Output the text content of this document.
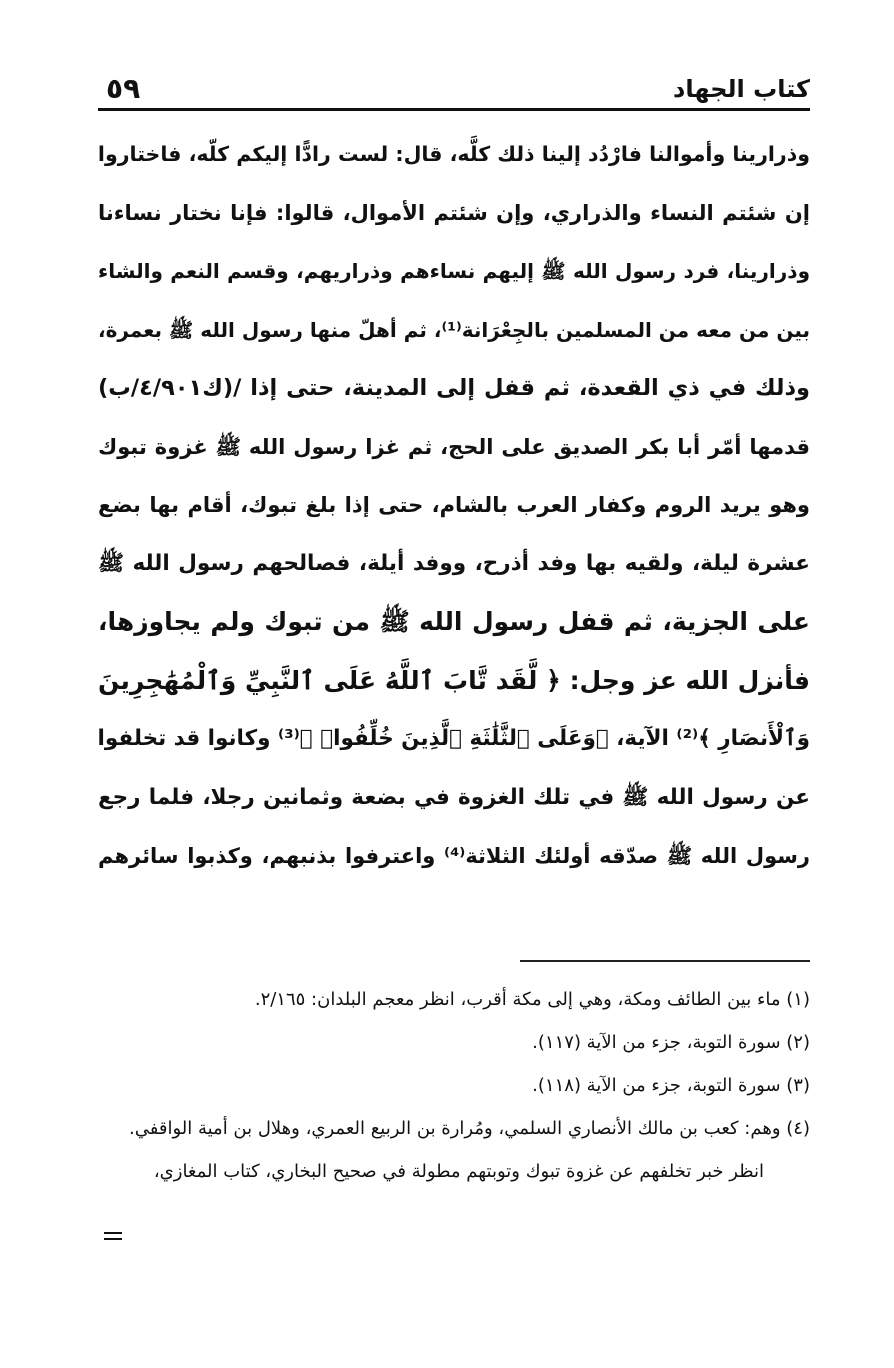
٥٩	كتاب الجهاد
وذرارينا وأموالنا فارْدُد إلينا ذلك كلَّه، قال: لست رادًّا إليكم كلّه، فاختاروا
إن شئتم النساء والذراري، وإن شئتم الأموال، قالوا: فإنا نختار نساءنا
وذرارينا، فرد رسول الله ﷺ إليهم نساءهم وذراريهم، وقسم النعم والشاء
بين من معه من المسلمين بالجِعْرَانة⁽¹⁾، ثم أهلّ منها رسول الله ﷺ بعمرة،
وذلك في ذي القعدة، ثم قفل إلى المدينة، حتى إذا /(ك٤/٩٠١/ب)
قدمها أمّر أبا بكر الصديق على الحج، ثم غزا رسول الله ﷺ غزوة تبوك
وهو يريد الروم وكفار العرب بالشام، حتى إذا بلغ تبوك، أقام بها بضع
عشرة ليلة، ولقيه بها وفد أذرح، ووفد أيلة، فصالحهم رسول الله ﷺ
على الجزية، ثم قفل رسول الله ﷺ من تبوك ولم يجاوزها،
فأنزل الله عز وجل: ﴿ لَّقَد تَّابَ ٱللَّهُ عَلَى ٱلنَّبِيِّ وَٱلْمُهَٰجِرِينَ
وَٱلْأَنصَارِ ﴾⁽²⁾ الآية، ﴿وَعَلَى ٱلثَّلَٰثَةِ ٱلَّذِينَ خُلِّفُوا۟ ﴾⁽³⁾ وكانوا قد تخلفوا
عن رسول الله ﷺ في تلك الغزوة في بضعة وثمانين رجلا، فلما رجع
رسول الله ﷺ صدّقه أولئك الثلاثة⁽⁴⁾ واعترفوا بذنبهم، وكذبوا سائرهم
(١) ماء بين الطائف ومكة، وهي إلى مكة أقرب، انظر معجم البلدان: ٢/١٦٥.
(٢) سورة التوبة، جزء من الآية (١١٧).
(٣) سورة التوبة، جزء من الآية (١١٨).
(٤) وهم: كعب بن مالك الأنصاري السلمي، ومُرارة بن الربيع العمري، وهلال بن أمية الواقفي.
انظر خبر تخلفهم عن غزوة تبوك وتوبتهم مطولة في صحيح البخاري، كتاب المغازي،
